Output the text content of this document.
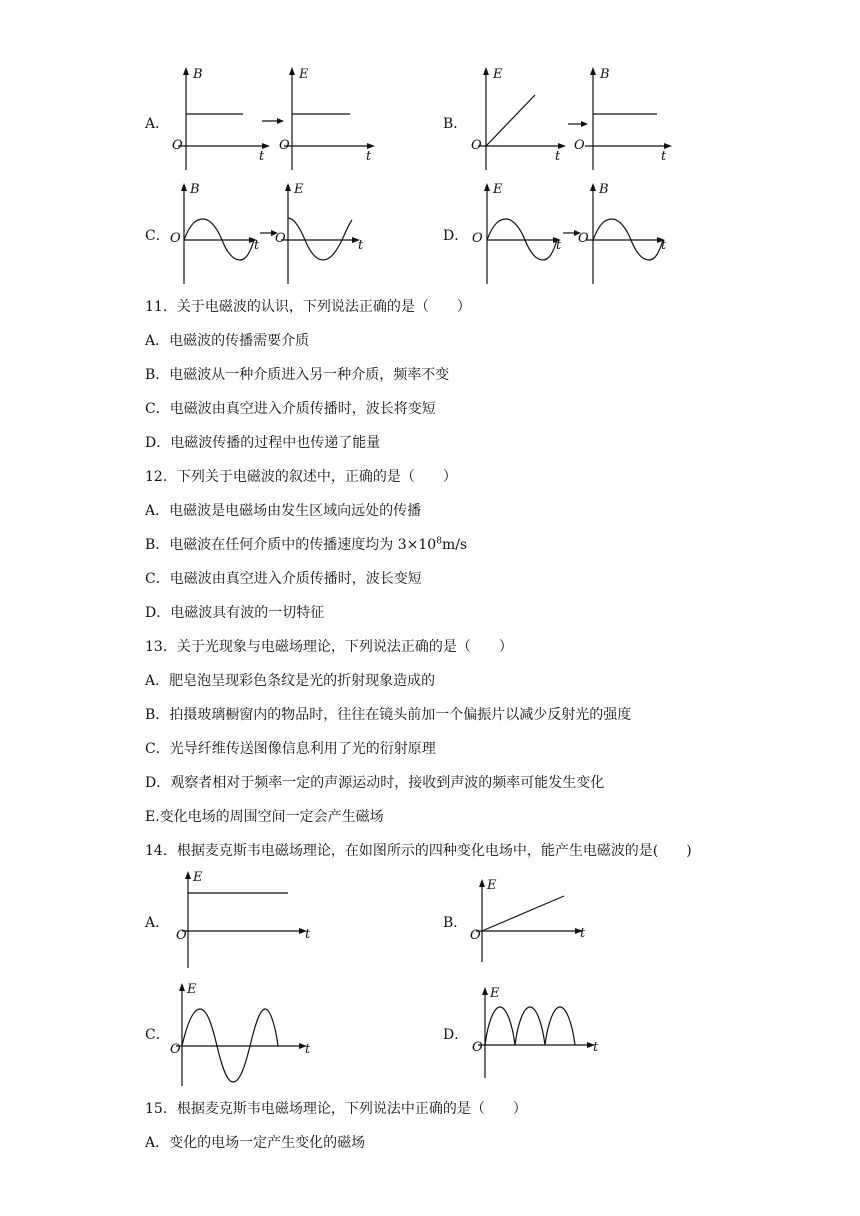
A．
B
O
t
E
O
t
B．
E
O
t
B
O
t
C．
B
O	t
E
O	t
D．
E
O	t
B
O	t
11．关于电磁波的认识，下列说法正确的是（　　）
A．电磁波的传播需要介质
B．电磁波从一种介质进入另一种介质，频率不变
C．电磁波由真空进入介质传播时，波长将变短
D．电磁波传播的过程中也传递了能量
12．下列关于电磁波的叙述中，正确的是（　　）
A．电磁波是电磁场由发生区域向远处的传播
B．电磁波在任何介质中的传播速度均为 $3\times 10^8m/s$
C．电磁波由真空进入介质传播时，波长变短
D．电磁波具有波的一切特征
13．关于光现象与电磁场理论，下列说法正确的是（　　）
A．肥皂泡呈现彩色条纹是光的折射现象造成的
B．拍摄玻璃橱窗内的物品时，往往在镜头前加一个偏振片以减少反射光的强度
C．光导纤维传送图像信息利用了光的衍射原理
D．观察者相对于频率一定的声源运动时，接收到声波的频率可能发生变化
E.变化电场的周围空间一定会产生磁场
14．根据麦克斯韦电磁场理论，在如图所示的四种变化电场中，能产生电磁波的是(　　)
A．	B．
C．	D．
E
O	t
E
O	t
E
O	t
E
O	t
15．根据麦克斯韦电磁场理论，下列说法中正确的是（　　）
A．变化的电场一定产生变化的磁场
